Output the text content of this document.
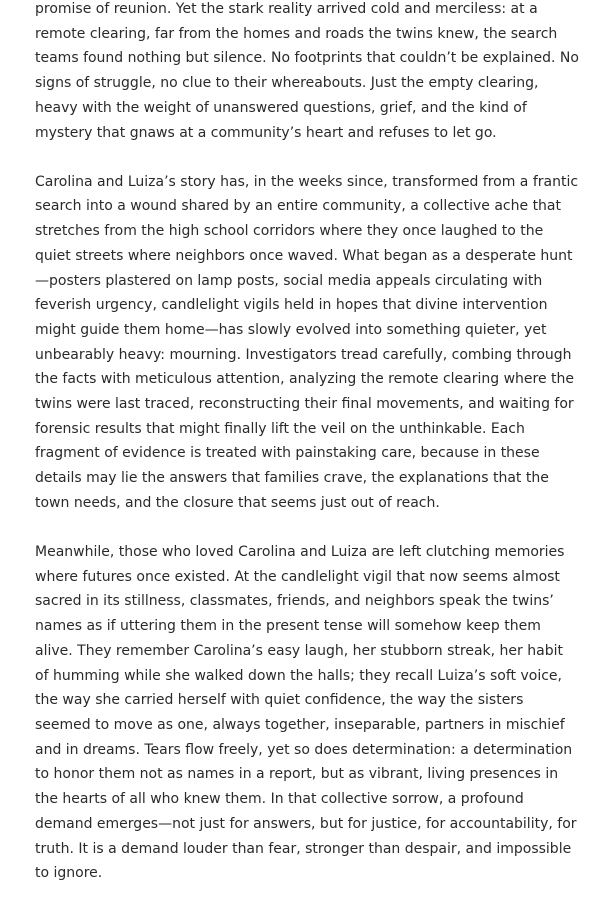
promise of reunion. Yet the stark reality arrived cold and merciless: at a remote clearing, far from the homes and roads the twins knew, the search teams found nothing but silence. No footprints that couldn’t be explained. No signs of struggle, no clue to their whereabouts. Just the empty clearing, heavy with the weight of unanswered questions, grief, and the kind of mystery that gnaws at a community’s heart and refuses to let go.

Carolina and Luiza’s story has, in the weeks since, transformed from a frantic search into a wound shared by an entire community, a collective ache that stretches from the high school corridors where they once laughed to the quiet streets where neighbors once waved. What began as a desperate hunt—posters plastered on lamp posts, social media appeals circulating with feverish urgency, candlelight vigils held in hopes that divine intervention might guide them home—has slowly evolved into something quieter, yet unbearably heavy: mourning. Investigators tread carefully, combing through the facts with meticulous attention, analyzing the remote clearing where the twins were last traced, reconstructing their final movements, and waiting for forensic results that might finally lift the veil on the unthinkable. Each fragment of evidence is treated with painstaking care, because in these details may lie the answers that families crave, the explanations that the town needs, and the closure that seems just out of reach.

Meanwhile, those who loved Carolina and Luiza are left clutching memories where futures once existed. At the candlelight vigil that now seems almost sacred in its stillness, classmates, friends, and neighbors speak the twins’ names as if uttering them in the present tense will somehow keep them alive. They remember Carolina’s easy laugh, her stubborn streak, her habit of humming while she walked down the halls; they recall Luiza’s soft voice, the way she carried herself with quiet confidence, the way the sisters seemed to move as one, always together, inseparable, partners in mischief and in dreams. Tears flow freely, yet so does determination: a determination to honor them not as names in a report, but as vibrant, living presences in the hearts of all who knew them. In that collective sorrow, a profound demand emerges—not just for answers, but for justice, for accountability, for truth. It is a demand louder than fear, stronger than despair, and impossible to ignore.
